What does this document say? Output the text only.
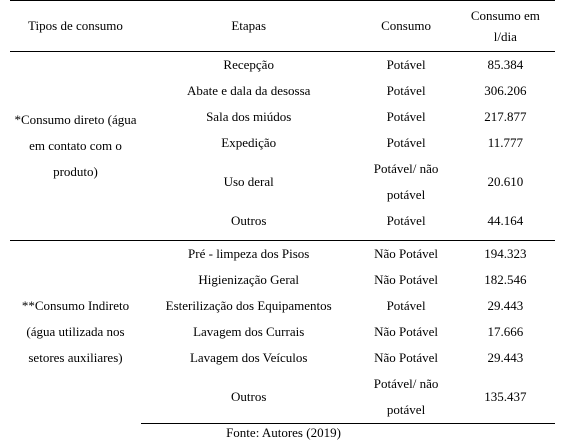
Tipos de consumo	Etapas	Consumo	Consumo em l/dia
*Consumo direto (água em contato com o produto)	Recepção	Potável	85.384
	Abate e dala da desossa	Potável	306.206
	Sala dos miúdos	Potável	217.877
	Expedição	Potável	11.777
	Uso deral	Potável/ não potável	20.610
	Outros	Potável	44.164

**Consumo Indireto (água utilizada nos setores auxiliares)	Pré - limpeza dos Pisos	Não Potável	194.323
	Higienização Geral	Não Potável	182.546
	Esterilização dos Equipamentos	Potável	29.443
	Lavagem dos Currais	Não Potável	17.666
	Lavagem dos Veículos	Não Potável	29.443
	Outros	Potável/ não potável	135.437
Fonte: Autores (2019)
